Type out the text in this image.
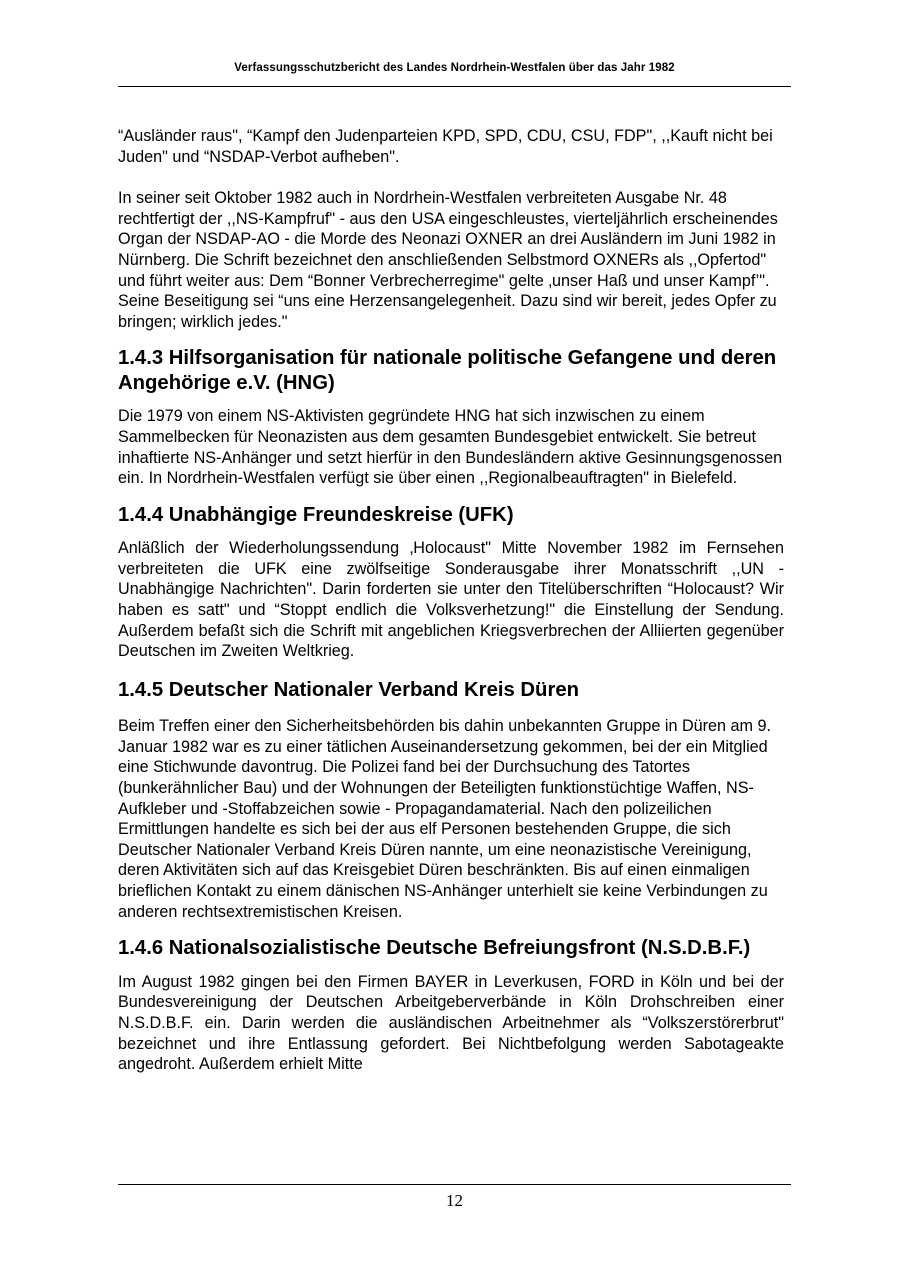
Verfassungsschutzbericht des Landes Nordrhein-Westfalen über das Jahr 1982

“Ausländer raus", “Kampf den Judenparteien KPD, SPD, CDU, CSU, FDP", ,,Kauft nicht bei Juden" und “NSDAP-Verbot aufheben".

In seiner seit Oktober 1982 auch in Nordrhein-Westfalen verbreiteten Ausgabe Nr. 48 rechtfertigt der ,,NS-Kampfruf" - aus den USA eingeschleustes, vierteljährlich erscheinendes Organ der NSDAP-AO - die Morde des Neonazi OXNER an drei Ausländern im Juni 1982 in Nürnberg. Die Schrift bezeichnet den anschließenden Selbstmord OXNERs als ,,Opfertod" und führt weiter aus: Dem “Bonner Verbrecherregime" gelte ‚unser Haß und unser Kampf’". Seine Beseitigung sei “uns eine Herzensangelegenheit. Dazu sind wir bereit, jedes Opfer zu bringen; wirklich jedes."

1.4.3 Hilfsorganisation für nationale politische Gefangene und deren Angehörige e.V. (HNG)

Die 1979 von einem NS-Aktivisten gegründete HNG hat sich inzwischen zu einem Sammelbecken für Neonazisten aus dem gesamten Bundesgebiet entwickelt. Sie betreut inhaftierte NS-Anhänger und setzt hierfür in den Bundesländern aktive Gesinnungsgenossen ein. In Nordrhein-Westfalen verfügt sie über einen ,,Regionalbeauftragten" in Bielefeld.

1.4.4 Unabhängige Freundeskreise (UFK)

Anläßlich der Wiederholungssendung ‚Holocaust" Mitte November 1982 im Fernsehen verbreiteten die UFK eine zwölfseitige Sonderausgabe ihrer Monatsschrift ,,UN - Unabhängige Nachrichten". Darin forderten sie unter den Titelüberschriften “Holocaust? Wir haben es satt" und “Stoppt endlich die Volksverhetzung!" die Einstellung der Sendung. Außerdem befaßt sich die Schrift mit angeblichen Kriegsverbrechen der Alliierten gegenüber Deutschen im Zweiten Weltkrieg.

1.4.5 Deutscher Nationaler Verband Kreis Düren

Beim Treffen einer den Sicherheitsbehörden bis dahin unbekannten Gruppe in Düren am 9. Januar 1982 war es zu einer tätlichen Auseinandersetzung gekommen, bei der ein Mitglied eine Stichwunde davontrug. Die Polizei fand bei der Durchsuchung des Tatortes (bunkerähnlicher Bau) und der Wohnungen der Beteiligten funktionstüchtige Waffen, NS-Aufkleber und -Stoffabzeichen sowie - Propagandamaterial. Nach den polizeilichen Ermittlungen handelte es sich bei der aus elf Personen bestehenden Gruppe, die sich Deutscher Nationaler Verband Kreis Düren nannte, um eine neonazistische Vereinigung, deren Aktivitäten sich auf das Kreisgebiet Düren beschränkten. Bis auf einen einmaligen brieflichen Kontakt zu einem dänischen NS-Anhänger unterhielt sie keine Verbindungen zu anderen rechtsextremistischen Kreisen.

1.4.6 Nationalsozialistische Deutsche Befreiungsfront (N.S.D.B.F.)

Im August 1982 gingen bei den Firmen BAYER in Leverkusen, FORD in Köln und bei der Bundesvereinigung der Deutschen Arbeitgeberverbände in Köln Drohschreiben einer N.S.D.B.F. ein. Darin werden die ausländischen Arbeitnehmer als “Volkszerstörerbrut" bezeichnet und ihre Entlassung gefordert. Bei Nichtbefolgung werden Sabotageakte angedroht. Außerdem erhielt Mitte

12
